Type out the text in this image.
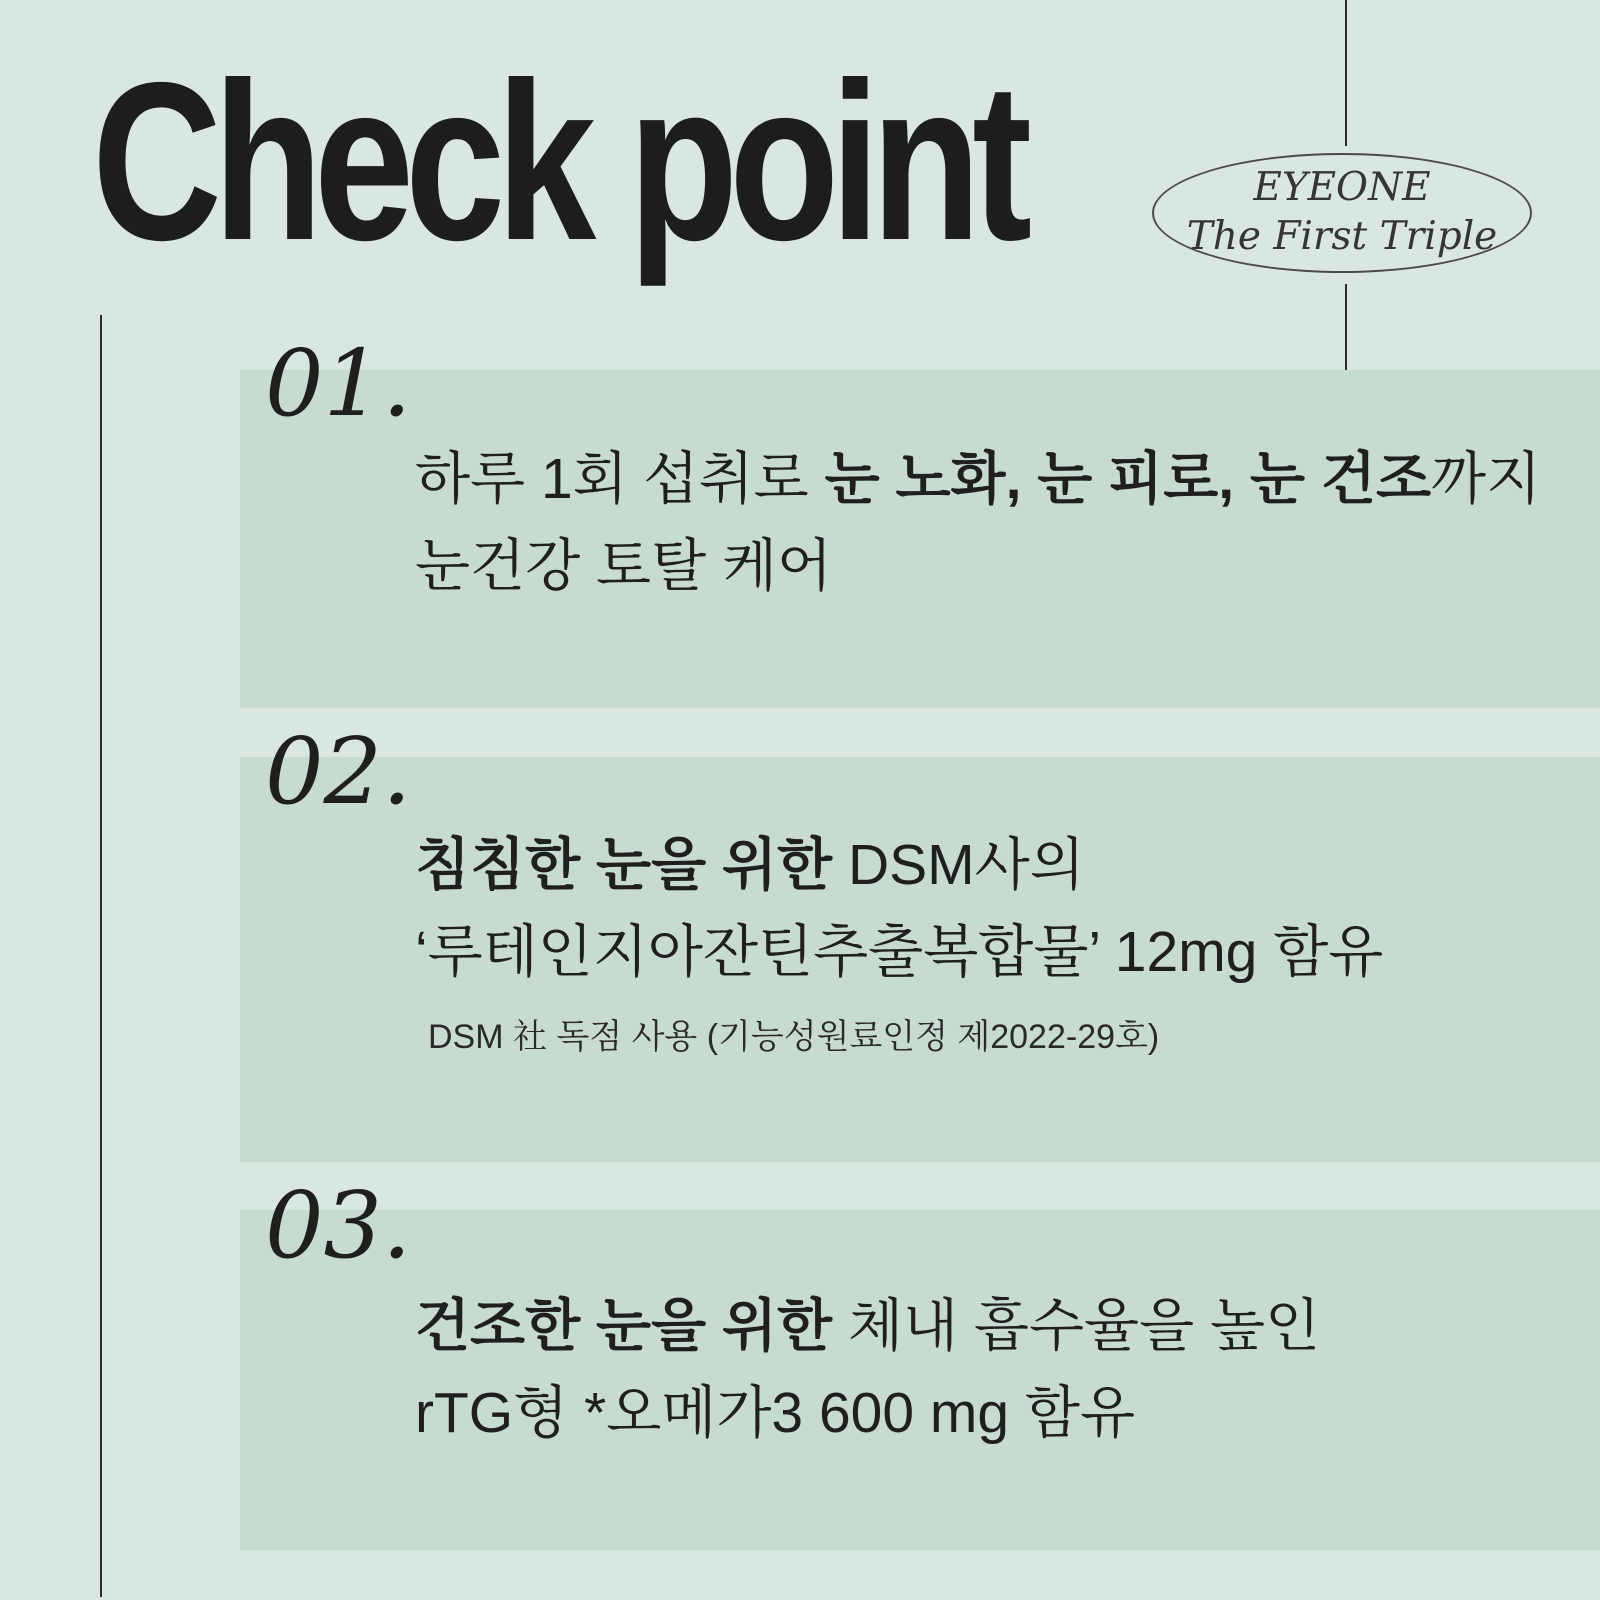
Check point	EYEONE
The First Triple
01.

하루 1회 섭취로 눈 노화, 눈 피로, 눈 건조까지

눈건강 토탈 케어

02.

침침한 눈을 위한 DSM사의

‘루테인지아잔틴추출복합물’ 12mg 함유

DSM 社 독점 사용 (기능성원료인정 제2022-29호)
03.

건조한 눈을 위한 체내 흡수율을 높인

rTG형 *오메가3 600 mg 함유
